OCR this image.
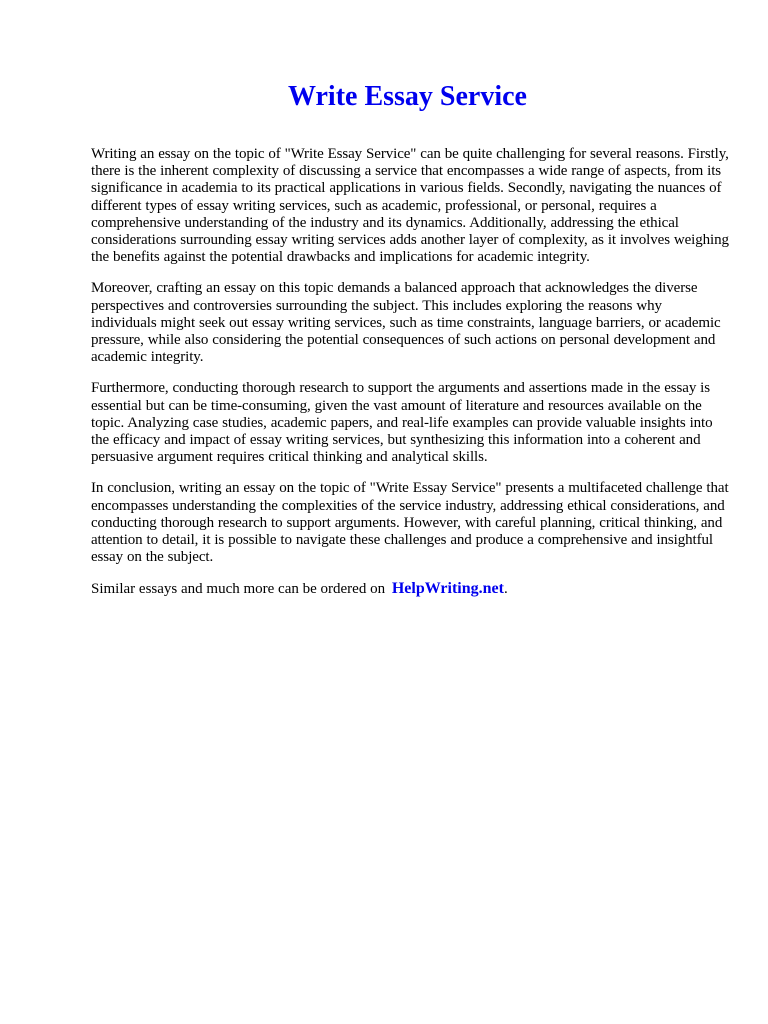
Write Essay Service

Writing an essay on the topic of "Write Essay Service" can be quite challenging for several reasons. Firstly, there is the inherent complexity of discussing a service that encompasses a wide range of aspects, from its significance in academia to its practical applications in various fields. Secondly, navigating the nuances of different types of essay writing services, such as academic, professional, or personal, requires a comprehensive understanding of the industry and its dynamics. Additionally, addressing the ethical considerations surrounding essay writing services adds another layer of complexity, as it involves weighing the benefits against the potential drawbacks and implications for academic integrity.

Moreover, crafting an essay on this topic demands a balanced approach that acknowledges the diverse perspectives and controversies surrounding the subject. This includes exploring the reasons why individuals might seek out essay writing services, such as time constraints, language barriers, or academic pressure, while also considering the potential consequences of such actions on personal development and academic integrity.

Furthermore, conducting thorough research to support the arguments and assertions made in the essay is essential but can be time-consuming, given the vast amount of literature and resources available on the topic. Analyzing case studies, academic papers, and real-life examples can provide valuable insights into the efficacy and impact of essay writing services, but synthesizing this information into a coherent and persuasive argument requires critical thinking and analytical skills.

In conclusion, writing an essay on the topic of "Write Essay Service" presents a multifaceted challenge that encompasses understanding the complexities of the service industry, addressing ethical considerations, and conducting thorough research to support arguments. However, with careful planning, critical thinking, and attention to detail, it is possible to navigate these challenges and produce a comprehensive and insightful essay on the subject.

Similar essays and much more can be ordered on HelpWriting.net.
